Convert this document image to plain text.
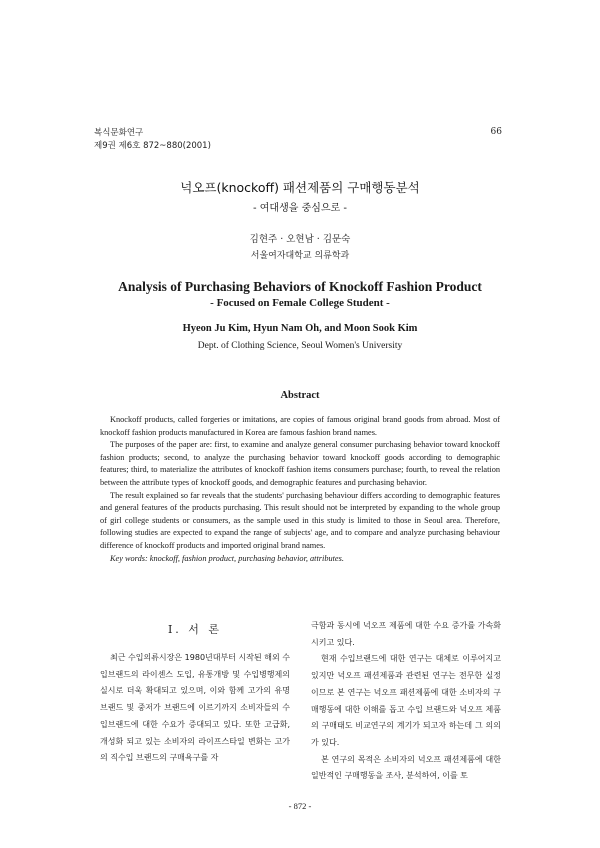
복식문화연구
제9권 제6호 872~880(2001)
66
넉오프(knockoff) 패션제품의 구매행동분석
- 여대생을 중심으로 -
김현주 · 오현남 · 김문숙
서울여자대학교 의류학과
Analysis of Purchasing Behaviors of Knockoff Fashion Product
- Focused on Female College Student -
Hyeon Ju Kim, Hyun Nam Oh, and Moon Sook Kim
Dept. of Clothing Science, Seoul Women's University
Abstract

Knockoff products, called forgeries or imitations, are copies of famous original brand goods from abroad. Most of knockoff fashion products manufactured in Korea are famous fashion brand names.

The purposes of the paper are: first, to examine and analyze general consumer purchasing behavior toward knockoff fashion products; second, to analyze the purchasing behavior toward knockoff goods according to demographic features; third, to materialize the attributes of knockoff fashion items consumers purchase; fourth, to reveal the relation between the attribute types of knockoff goods, and demographic features and purchasing behavior.

The result explained so far reveals that the students' purchasing behaviour differs according to demographic features and general features of the products purchasing. This result should not be interpreted by expanding to the whole group of girl college students or consumers, as the sample used in this study is limited to those in Seoul area. Therefore, following studies are expected to expand the range of subjects' age, and to compare and analyze purchasing behaviour difference of knockoff products and imported original brand names.

Key words: knockoff, fashion product, purchasing behavior, attributes.

Ⅰ. 서 론

최근 수입의류시장은 1980년대부터 시작된 해외 수입브랜드의 라이센스 도입, 유통개방 및 수입병행제의 실시로 더욱 확대되고 있으며, 이와 함께 고가의 유명 브랜드 및 중저가 브랜드에 이르기까지 소비자들의 수입브랜드에 대한 수요가 증대되고 있다. 또한 고급화, 개성화 되고 있는 소비자의 라이프스타일 변화는 고가의 직수입 브랜드의 구매욕구를 자

극함과 동시에 넉오프 제품에 대한 수요 증가를 가속화시키고 있다.

현재 수입브랜드에 대한 연구는 대체로 이루어지고 있지만 넉오프 패션제품과 관련된 연구는 전무한 실정이므로 본 연구는 넉오프 패션제품에 대한 소비자의 구매행동에 대한 이해를 돕고 수입 브랜드와 넉오프 제품의 구매태도 비교연구의 계기가 되고자 하는데 그 의의가 있다.

본 연구의 목적은 소비자의 넉오프 패션제품에 대한 일반적인 구매행동을 조사, 분석하여, 이를 토

- 872 -
